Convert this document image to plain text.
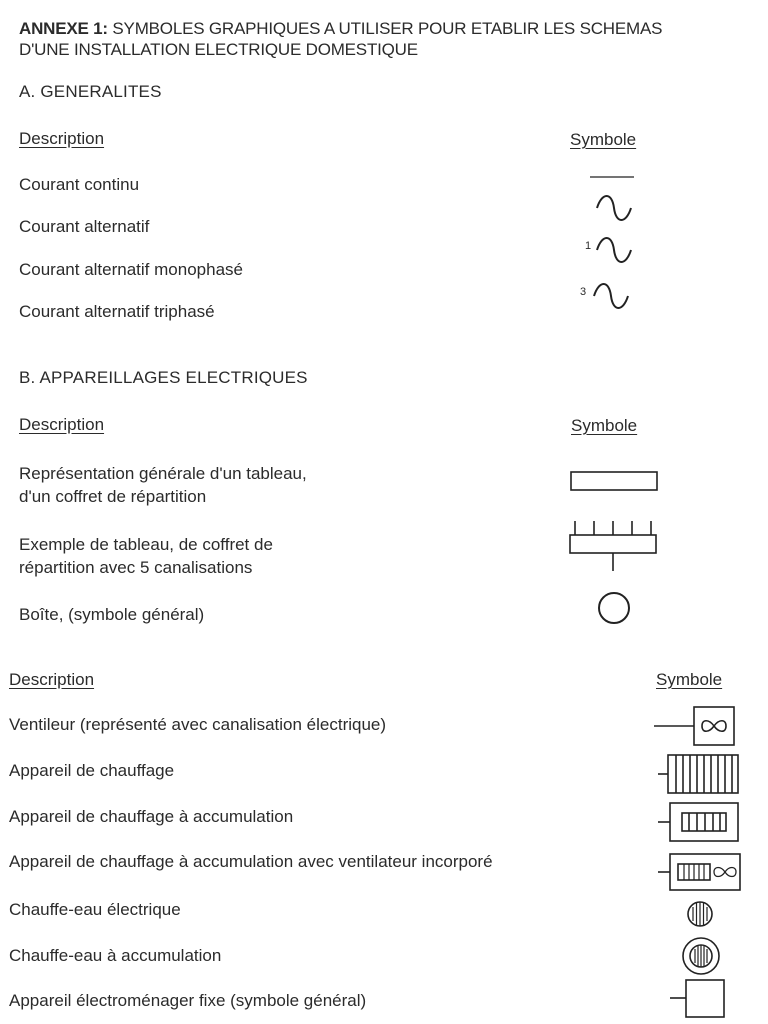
ANNEXE 1: SYMBOLES GRAPHIQUES A UTILISER POUR ETABLIR LES SCHEMAS
D'UNE INSTALLATION ELECTRIQUE DOMESTIQUE
A. GENERALITES
Description	Symbole
Courant continu
Courant alternatif
Courant alternatif monophasé
1
Courant alternatif triphasé
3
B. APPAREILLAGES ELECTRIQUES
Description	Symbole
Représentation générale d'un tableau,
d'un coffret de répartition
Exemple de tableau, de coffret de
répartition avec 5 canalisations
Boîte, (symbole général)
Description	Symbole
Ventileur (représenté avec canalisation électrique)
Appareil de chauffage
Appareil de chauffage à accumulation
Appareil de chauffage à accumulation avec ventilateur incorporé
Chauffe-eau électrique
Chauffe-eau à accumulation
Appareil électroménager fixe (symbole général)
